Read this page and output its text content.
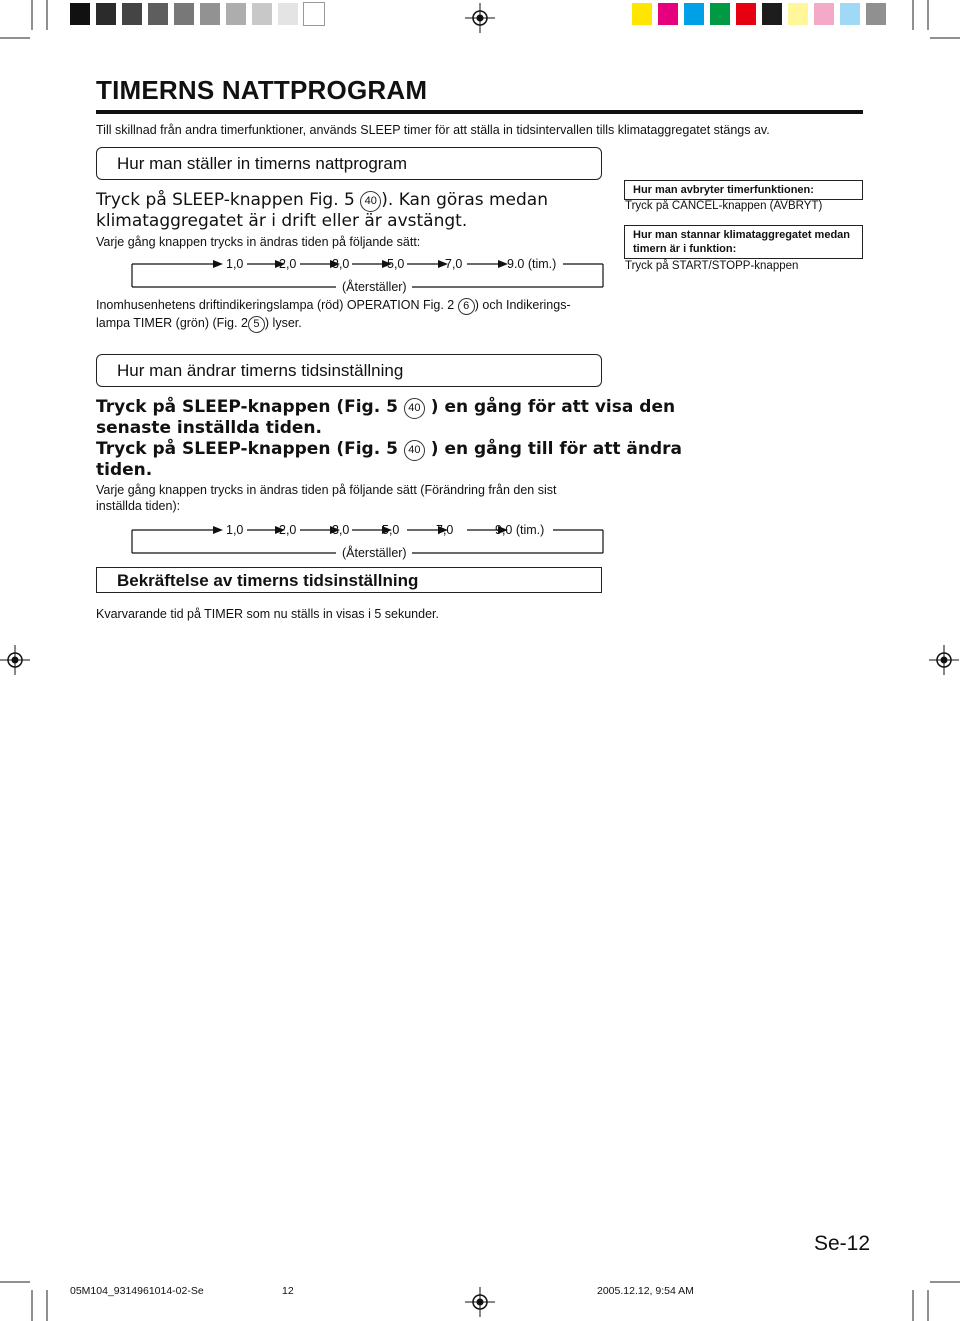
TIMERNS NATTPROGRAM
Till skillnad från andra timerfunktioner, används SLEEP timer för att ställa in tidsintervallen tills klimataggregatet stängs av.
Hur man ställer in timerns nattprogram
Tryck på SLEEP-knappen Fig. 5 40 ). Kan göras medan
klimataggregatet är i drift eller är avstängt.
Varje gång knappen trycks in ändras tiden på följande sätt:
1,0	2,0	3,0	5,0	7,0	9.0 (tim.)
(Återställer)
Inomhusenhetens driftindikeringslampa (röd) OPERATION Fig. 2 6 ) och Indikerings-
lampa TIMER (grön) (Fig. 2 5 ) lyser.
Hur man avbryter timerfunktionen:
Tryck på CANCEL-knappen (AVBRYT)
Hur man stannar klimataggregatet medan
timern är i funktion:
Tryck på START/STOPP-knappen
Hur man ändrar timerns tidsinställning
Tryck på SLEEP-knappen (Fig. 5 40 ) en gång för att visa den
senaste inställda tiden.
Tryck på SLEEP-knappen (Fig. 5 40 ) en gång till för att ändra
tiden.
Varje gång knappen trycks in ändras tiden på följande sätt (Förändring från den sist
inställda tiden):
1,0	2,0	3,0	5,0	7,0	9,0 (tim.)
(Återställer)
Bekräftelse av timerns tidsinställning
Kvarvarande tid på TIMER som nu ställs in visas i 5 sekunder.
Se-12
05M104_9314961014-02-Se	12	2005.12.12, 9:54 AM
